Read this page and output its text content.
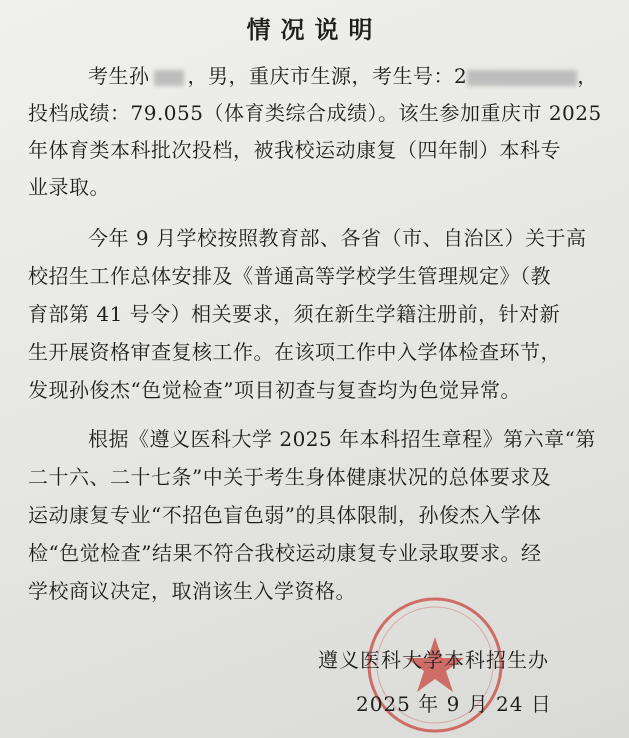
情况说明
考生孙 ，男，重庆市生源，考生号：2	，
投档成绩：79.055（体育类综合成绩）。该生参加重庆市 2025
年体育类本科批次投档，被我校运动康复（四年制）本科专
业录取。
今年 9 月学校按照教育部、各省（市、自治区）关于高
校招生工作总体安排及《普通高等学校学生管理规定》（教
育部第 41 号令）相关要求，须在新生学籍注册前，针对新
生开展资格审查复核工作。在该项工作中入学体检查环节，
发现孙俊杰“色觉检查”项目初查与复查均为色觉异常。
根据《遵义医科大学 2025 年本科招生章程》第六章“第
二十六、二十七条”中关于考生身体健康状况的总体要求及
运动康复专业“不招色盲色弱”的具体限制，孙俊杰入学体
检“色觉检查”结果不符合我校运动康复专业录取要求。经
学校商议决定，取消该生入学资格。
遵义医科大学本科招生办
2025 年 9 月 24 日
